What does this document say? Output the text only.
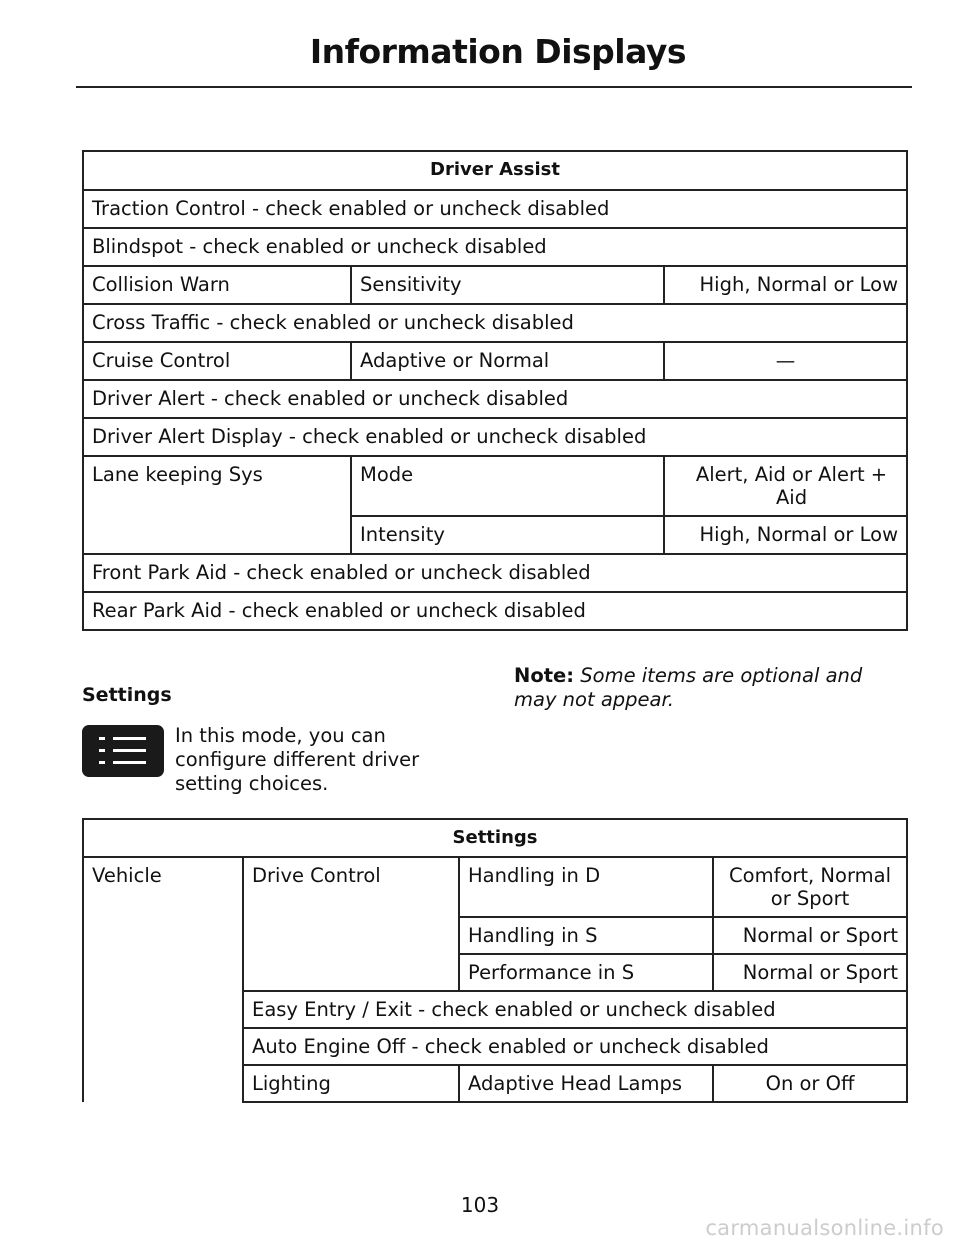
Information Displays
Driver Assist		
Traction Control - check enabled or uncheck disabled		
Blindspot - check enabled or uncheck disabled		
Collision Warn	Sensitivity	High, Normal or Low
Cross Traffic - check enabled or uncheck disabled		
Cruise Control	Adaptive or Normal	—
Driver Alert - check enabled or uncheck disabled		
Driver Alert Display - check enabled or uncheck disabled		
Lane keeping Sys	Mode	Alert, Aid or Alert + Aid
	Intensity	High, Normal or Low
Front Park Aid - check enabled or uncheck disabled		
Rear Park Aid - check enabled or uncheck disabled		
Settings
In this mode, you can configure different driver setting choices.
Note: Some items are optional and may not appear.
Settings			
Vehicle	Drive Control	Handling in D	Comfort, Normal or Sport
		Handling in S	Normal or Sport
		Performance in S	Normal or Sport
	Easy Entry / Exit - check enabled or uncheck disabled		
	Auto Engine Off - check enabled or uncheck disabled		
	Lighting	Adaptive Head Lamps	On or Off
103
carmanualsonline.info
